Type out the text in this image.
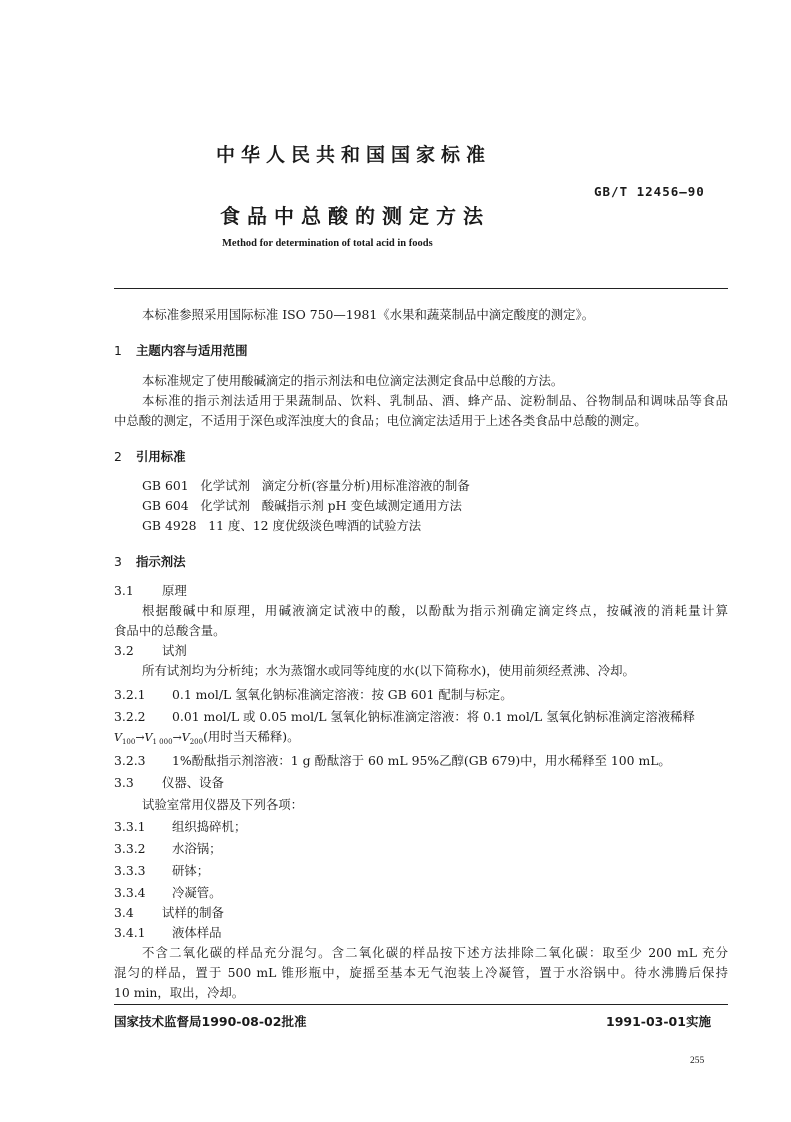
中华人民共和国国家标准
GB/T 12456—90
食品中总酸的测定方法
Method for determination of total acid in foods
本标准参照采用国际标准 ISO 750—1981《水果和蔬菜制品中滴定酸度的测定》。
1 主题内容与适用范围
本标准规定了使用酸碱滴定的指示剂法和电位滴定法测定食品中总酸的方法。
本标准的指示剂法适用于果蔬制品、饮料、乳制品、酒、蜂产品、淀粉制品、谷物制品和调味品等食品
中总酸的测定，不适用于深色或浑浊度大的食品；电位滴定法适用于上述各类食品中总酸的测定。
2 引用标准
GB 601   化学试剂   滴定分析(容量分析)用标准溶液的制备
GB 604   化学试剂   酸碱指示剂 pH 变色域测定通用方法
GB 4928   11 度、12 度优级淡色啤酒的试验方法
3 指示剂法
3.1 原理
根据酸碱中和原理，用碱液滴定试液中的酸，以酚酞为指示剂确定滴定终点，按碱液的消耗量计算
食品中的总酸含量。
3.2 试剂
所有试剂均为分析纯；水为蒸馏水或同等纯度的水(以下简称水)，使用前须经煮沸、冷却。
3.2.1 0.1 mol/L 氢氧化钠标准滴定溶液：按 GB 601 配制与标定。
3.2.2 0.01 mol/L 或 0.05 mol/L 氢氧化钠标准滴定溶液：将 0.1 mol/L 氢氧化钠标准滴定溶液稀释
$V_{100}\to V_{1 000}\to V_{200}$(用时当天稀释)。
3.2.3 1%酚酞指示剂溶液：1 g 酚酞溶于 60 mL 95%乙醇(GB 679)中，用水稀释至 100 mL。
3.3 仪器、设备
试验室常用仪器及下列各项：
3.3.1 组织捣碎机；
3.3.2 水浴锅；
3.3.3 研钵；
3.3.4 冷凝管。
3.4 试样的制备
3.4.1 液体样品
不含二氧化碳的样品充分混匀。含二氧化碳的样品按下述方法排除二氧化碳：取至少 200 mL 充分
混匀的样品，置于 500 mL 锥形瓶中，旋摇至基本无气泡装上冷凝管，置于水浴锅中。待水沸腾后保持
10 min，取出，冷却。
国家技术监督局1990-08-02批准	1991-03-01实施
255
